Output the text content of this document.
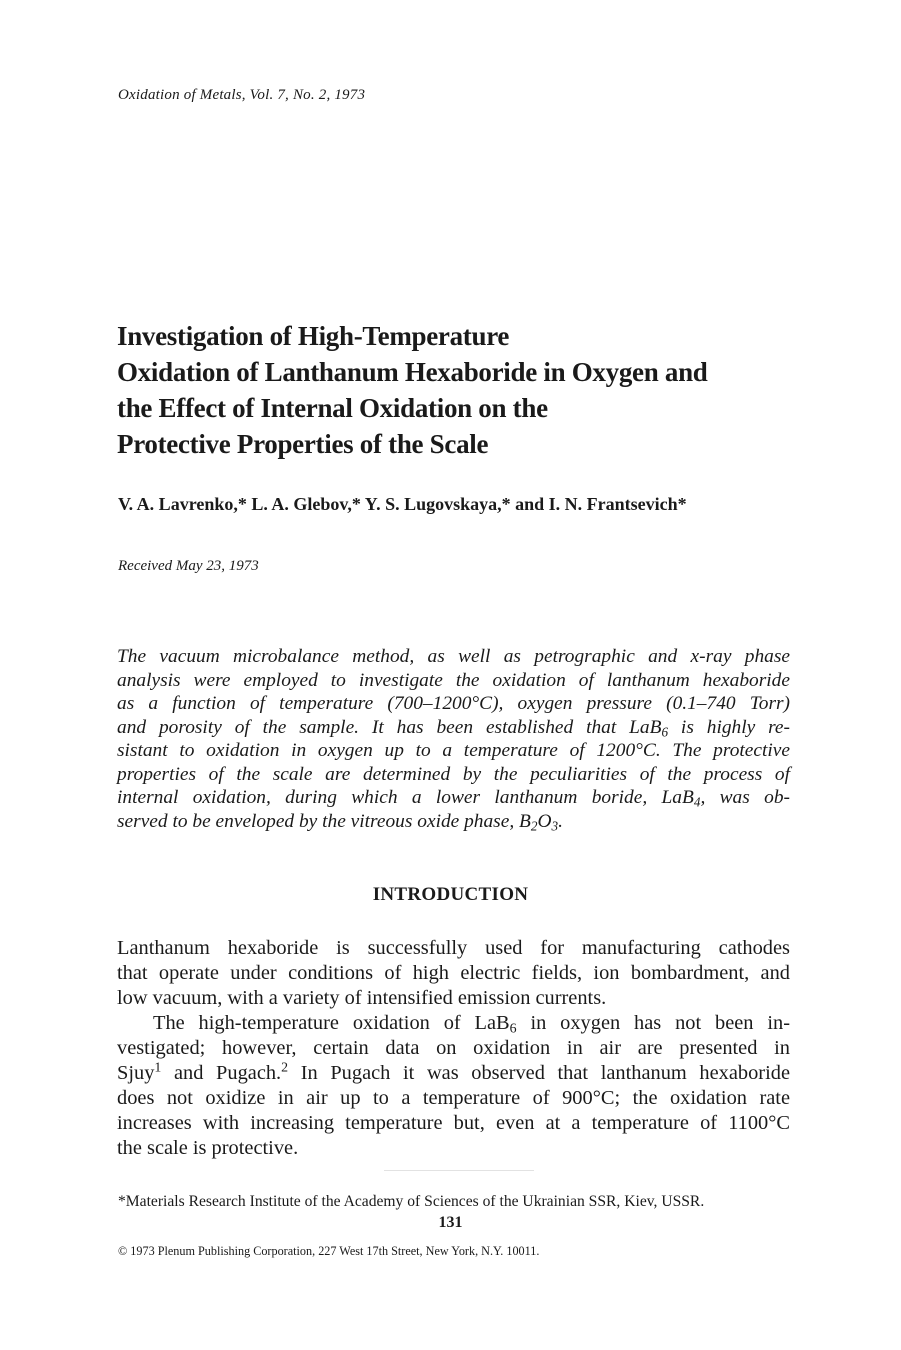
Oxidation of Metals, Vol. 7, No. 2, 1973
Investigation of High-Temperature
Oxidation of Lanthanum Hexaboride in Oxygen and
the Effect of Internal Oxidation on the
Protective Properties of the Scale
V. A. Lavrenko,* L. A. Glebov,* Y. S. Lugovskaya,* and I. N. Frantsevich*
Received May 23, 1973
The vacuum microbalance method, as well as petrographic and x-ray phase
analysis were employed to investigate the oxidation of lanthanum hexaboride
as a function of temperature (700–1200°C), oxygen pressure (0.1–740 Torr)
and porosity of the sample. It has been established that LaB$_6$ is highly re-
sistant to oxidation in oxygen up to a temperature of 1200°C. The protective
properties of the scale are determined by the peculiarities of the process of
internal oxidation, during which a lower lanthanum boride, LaB$_4$, was ob-
served to be enveloped by the vitreous oxide phase, $B_2O_3$.
INTRODUCTION
Lanthanum hexaboride is successfully used for manufacturing cathodes
that operate under conditions of high electric fields, ion bombardment, and
low vacuum, with a variety of intensified emission currents.
The high-temperature oxidation of LaB$_6$ in oxygen has not been in-
vestigated; however, certain data on oxidation in air are presented in
Sjuy$^1$ and Pugach.$^2$ In Pugach it was observed that lanthanum hexaboride
does not oxidize in air up to a temperature of 900°C; the oxidation rate
increases with increasing temperature but, even at a temperature of 1100°C
the scale is protective.
*Materials Research Institute of the Academy of Sciences of the Ukrainian SSR, Kiev, USSR.
131
© 1973 Plenum Publishing Corporation, 227 West 17th Street, New York, N.Y. 10011.
